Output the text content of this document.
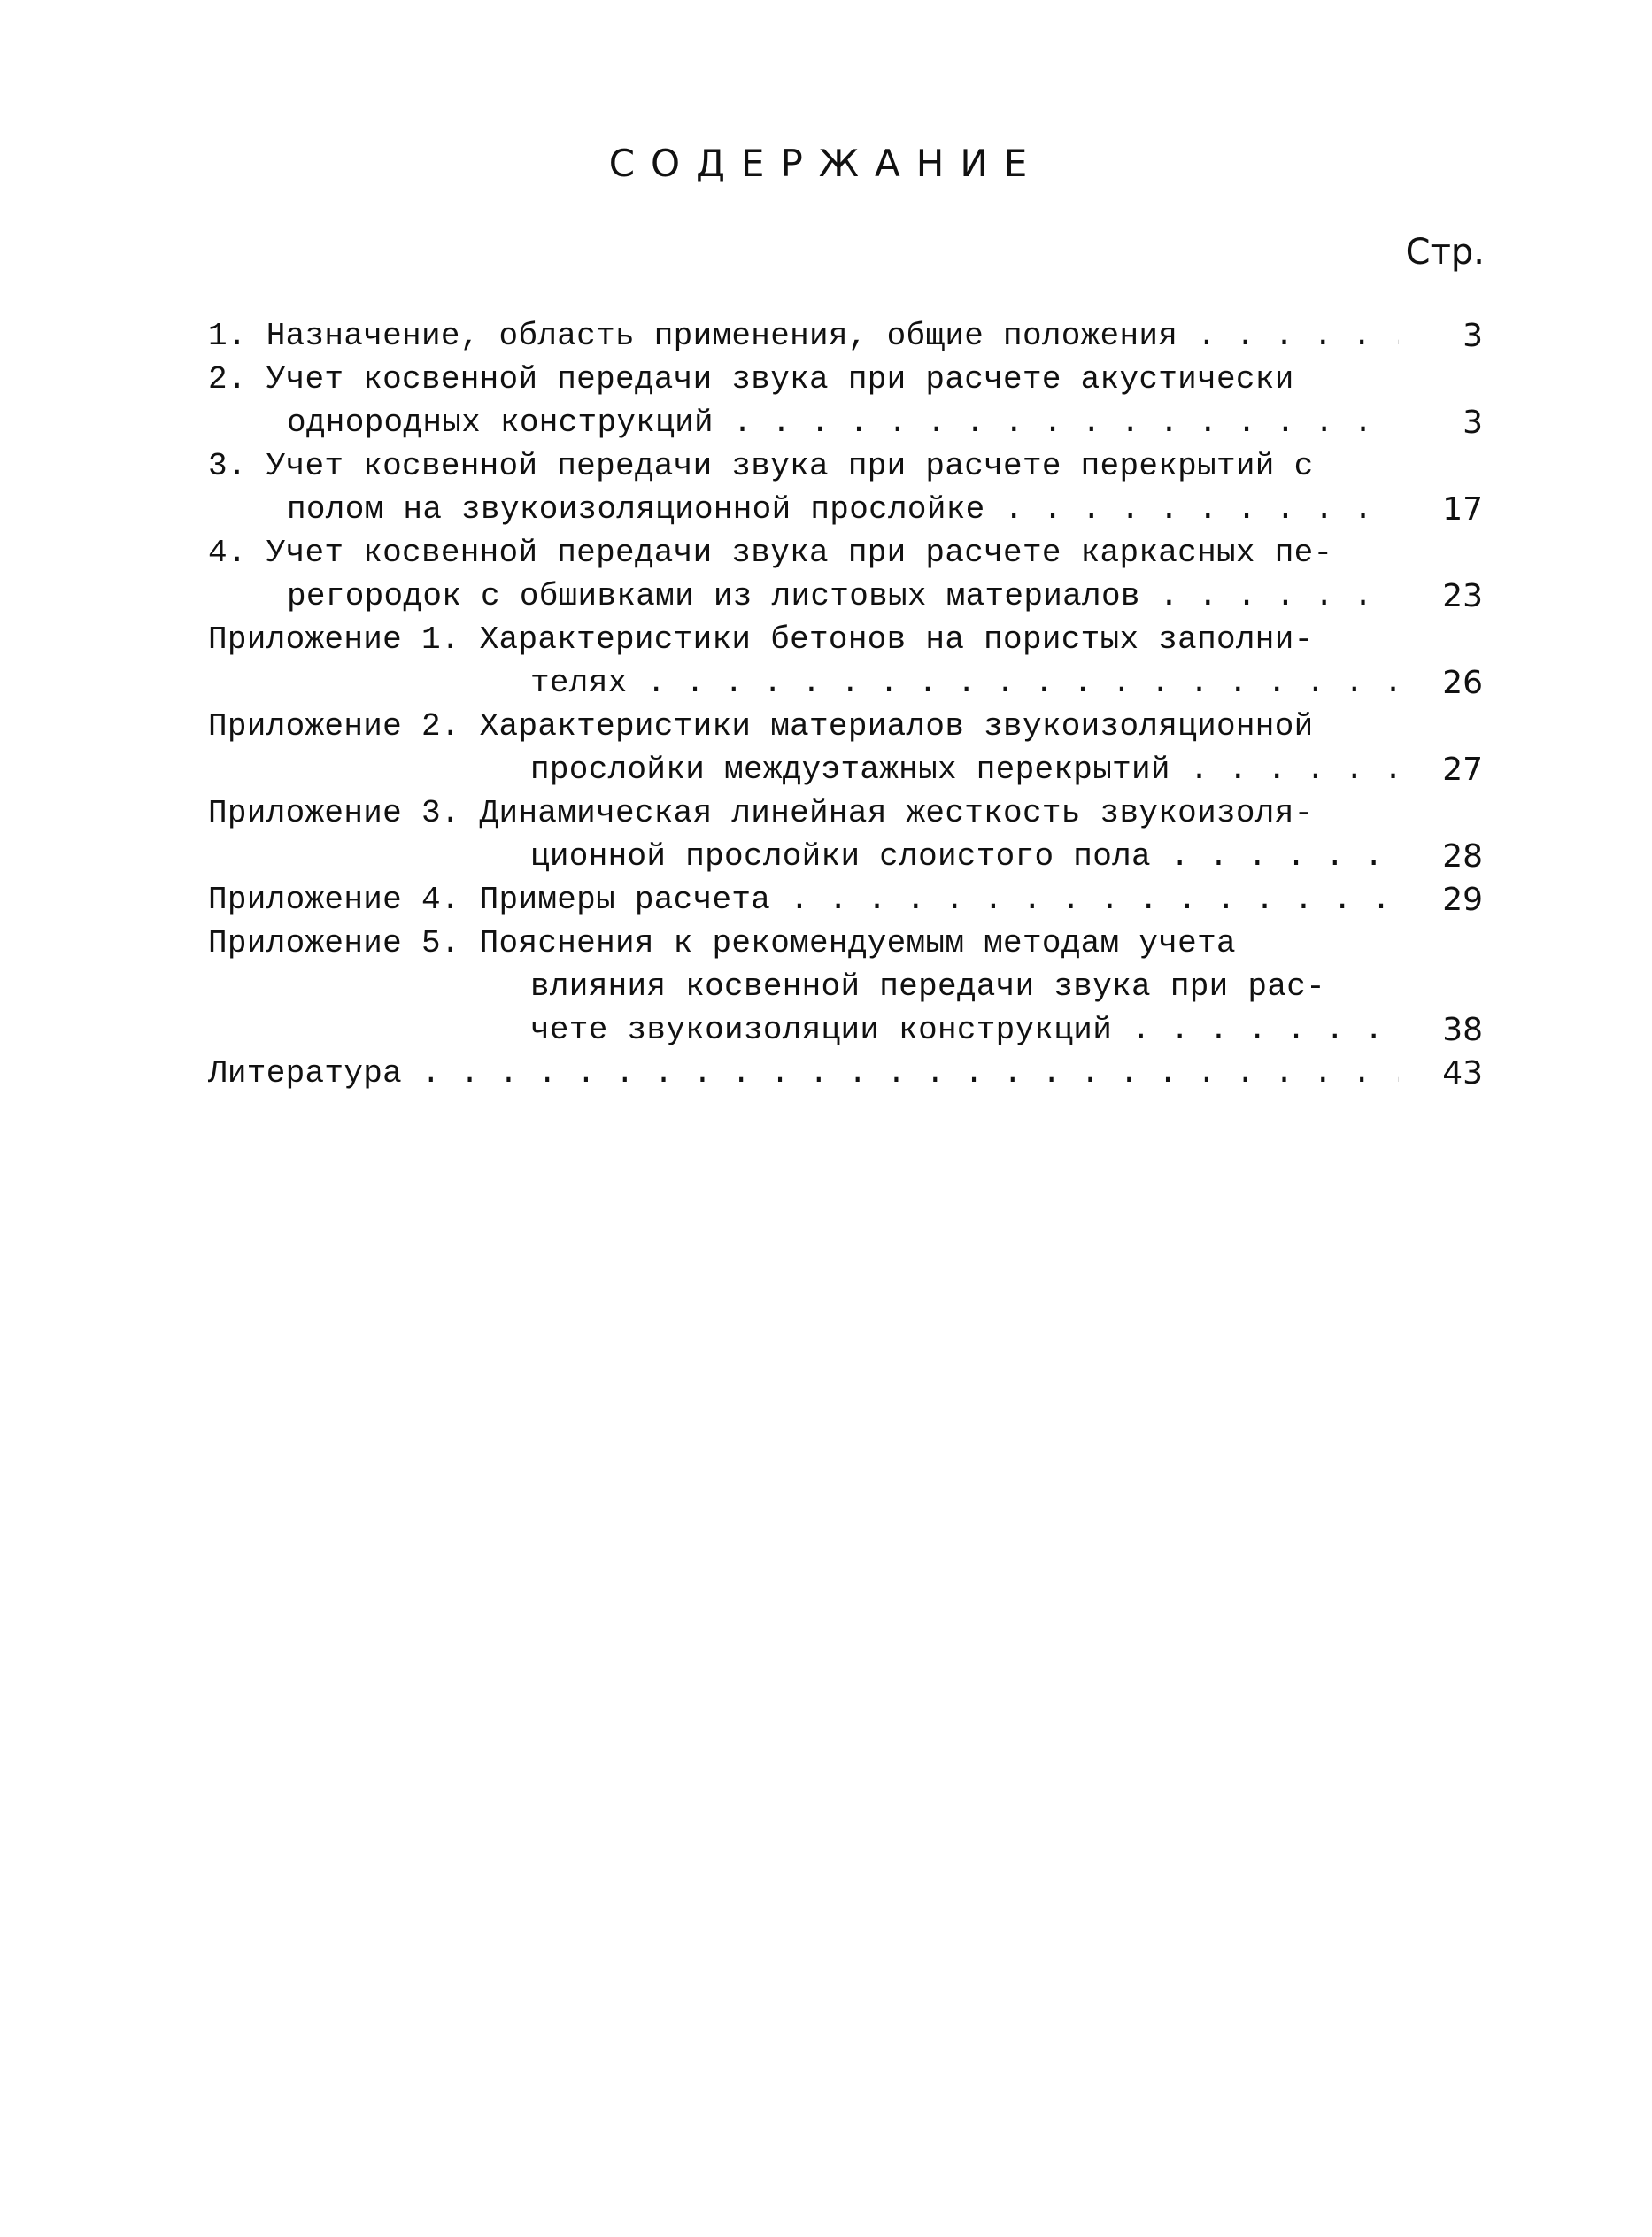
СОДЕРЖАНИЕ
Стр.
1. Назначение, область применения, общие положения . . .	3
2. Учет косвенной передачи звука при расчете акустически
однородных конструкций . . .	3
3. Учет косвенной передачи звука при расчете перекрытий с
полом на звукоизоляционной прослойке . . .	17
4. Учет косвенной передачи звука при расчете каркасных пе-
регородок с обшивками из листовых материалов . . .	23
Приложение 1. Характеристики бетонов на пористых заполни-
телях . . .	26
Приложение 2. Характеристики материалов звукоизоляционной
прослойки междуэтажных перекрытий . . .	27
Приложение 3. Динамическая линейная жесткость звукоизоля-
ционной прослойки слоистого пола . . .	28
Приложение 4. Примеры расчета . . .	29
Приложение 5. Пояснения к рекомендуемым методам учета
влияния косвенной передачи звука при рас-
чете звукоизоляции конструкций . . .	38
Литература . . .	43
